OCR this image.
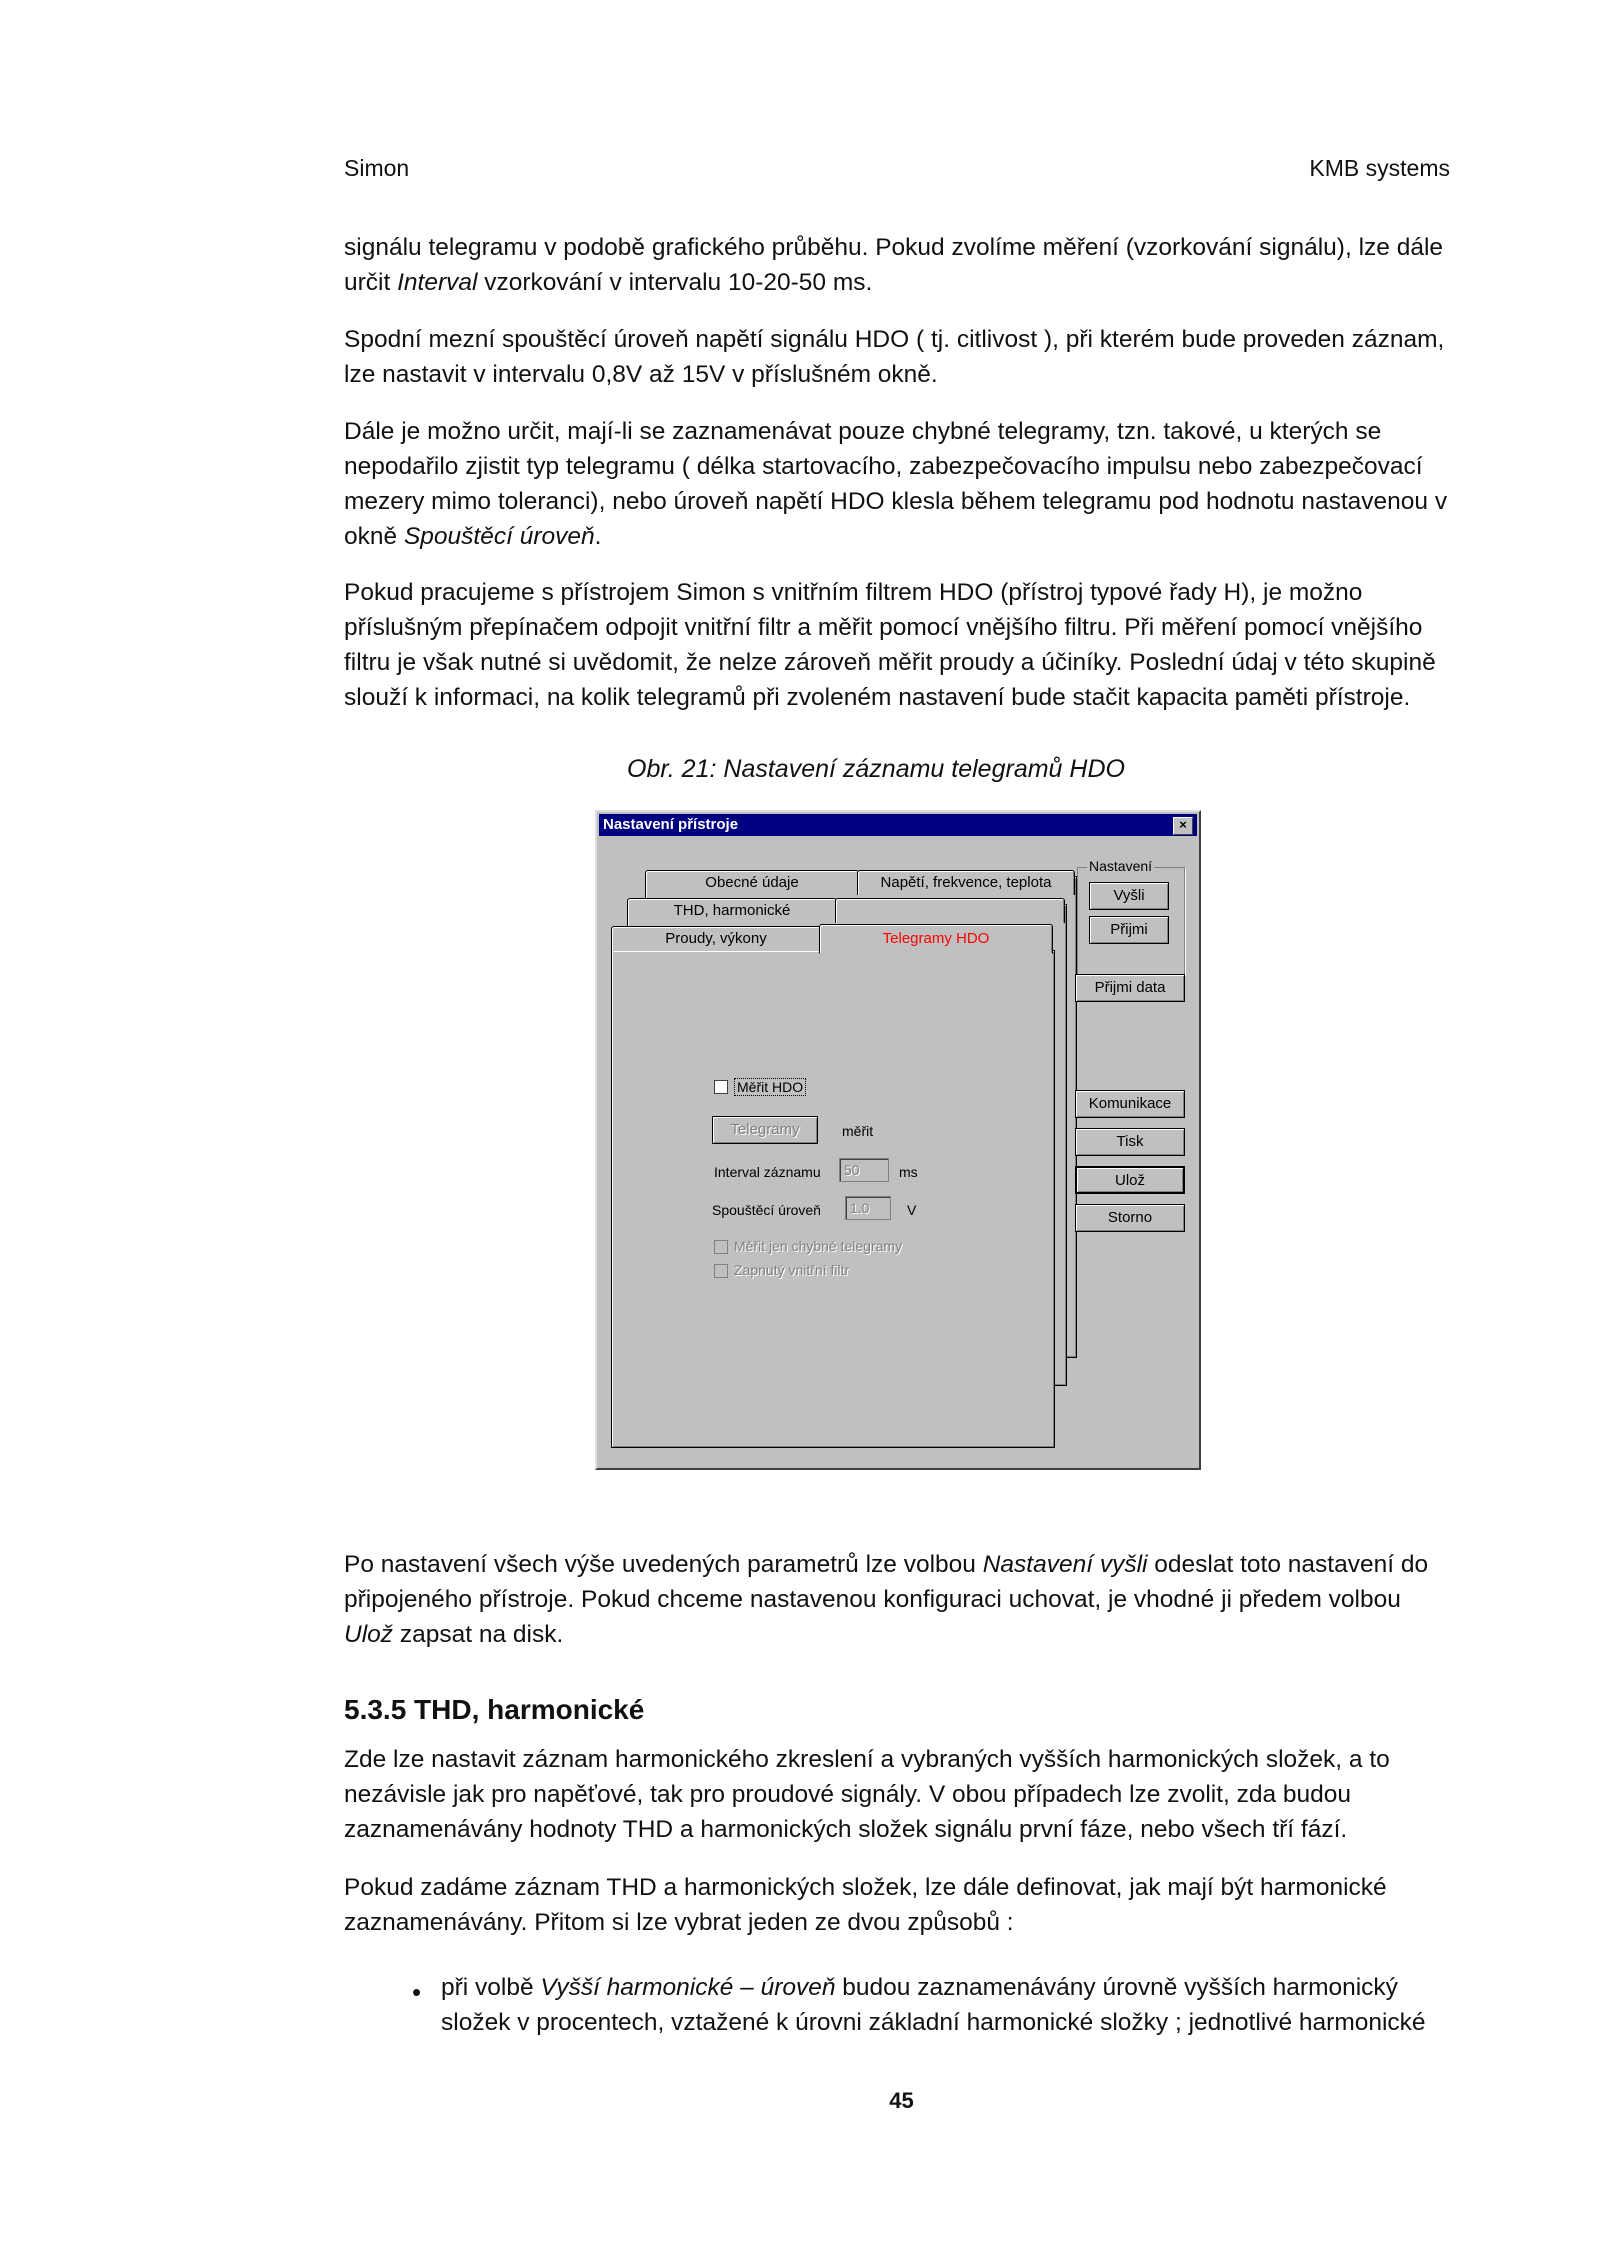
Simon	KMB systems
signálu telegramu v podobě grafického průběhu. Pokud zvolíme měření (vzorkování signálu), lze dále určit Interval vzorkování v intervalu 10-20-50 ms.
Spodní mezní spouštěcí úroveň napětí signálu HDO ( tj. citlivost ), při kterém bude proveden záznam, lze nastavit v intervalu 0,8V až 15V v příslušném okně.
Dále je možno určit, mají-li se zaznamenávat pouze chybné telegramy, tzn. takové, u kterých se nepodařilo zjistit typ telegramu ( délka startovacího, zabezpečovacího impulsu nebo zabezpečovací mezery mimo toleranci), nebo úroveň napětí HDO klesla během telegramu pod hodnotu nastavenou v okně Spouštěcí úroveň.
Pokud pracujeme s přístrojem Simon s vnitřním filtrem HDO (přístroj typové řady H), je možno příslušným přepínačem odpojit vnitřní filtr a měřit pomocí vnějšího filtru. Při měření pomocí vnějšího filtru je však nutné si uvědomit, že nelze zároveň měřit proudy a účiníky. Poslední údaj v této skupině slouží k informaci, na kolik telegramů při zvoleném nastavení bude stačit kapacita paměti přístroje.
Obr. 21: Nastavení záznamu telegramů HDO
Nastavení přístroje	×
Obecné údaje	Napětí, frekvence, teplota
THD, harmonické
Proudy, výkony	Telegramy HDO
Měřit HDO
Telegramy	měřit
Interval záznamu	50	ms
Spouštěcí úroveň	1.0	V
Měřit jen chybné telegramy
Zapnutý vnitřní filtr
Nastavení
Vyšli
Přijmi
Přijmi data
Komunikace
Tisk
Ulož
Storno
Po nastavení všech výše uvedených parametrů lze volbou Nastavení vyšli odeslat toto nastavení do připojeného přístroje. Pokud chceme nastavenou konfiguraci uchovat, je vhodné ji předem volbou Ulož zapsat na disk.
5.3.5 THD, harmonické
Zde lze nastavit záznam harmonického zkreslení a vybraných vyšších harmonických složek, a to nezávisle jak pro napěťové, tak pro proudové signály. V obou případech lze zvolit, zda budou zaznamenávány hodnoty THD a harmonických složek signálu první fáze, nebo všech tří fází.
Pokud zadáme záznam THD a harmonických složek, lze dále definovat, jak mají být harmonické zaznamenávány. Přitom si lze vybrat jeden ze dvou způsobů :
• při volbě Vyšší harmonické – úroveň budou zaznamenávány úrovně vyšších harmonický složek v procentech, vztažené k úrovni základní harmonické složky ; jednotlivé harmonické
45
